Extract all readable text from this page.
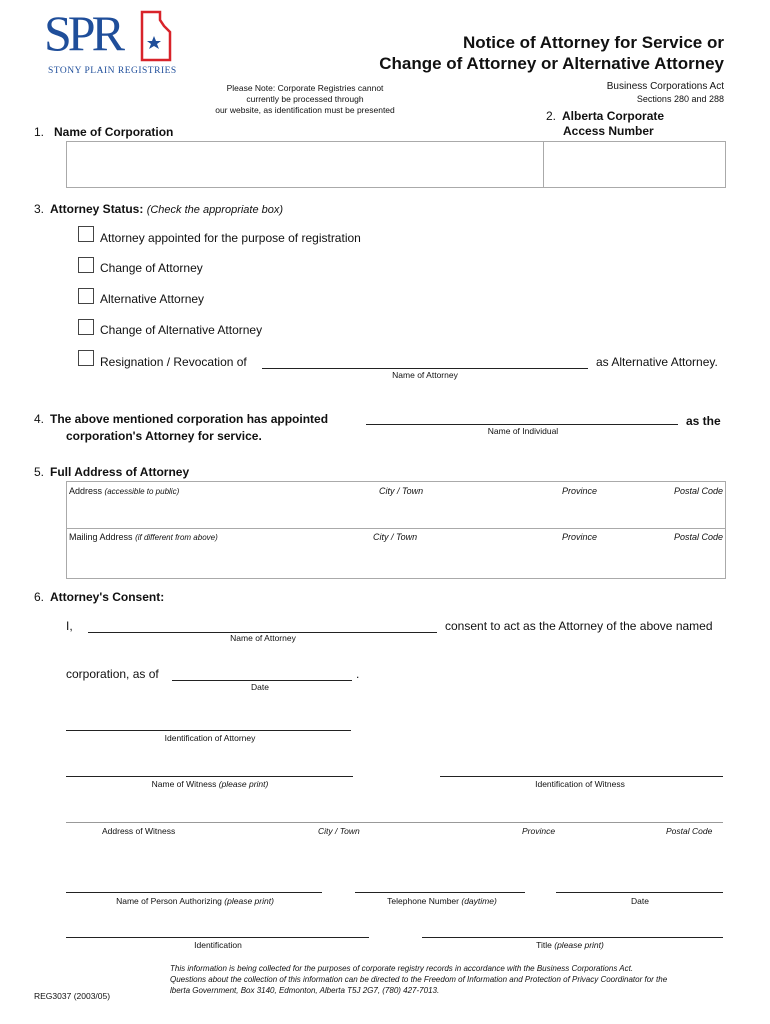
SPR
STONY PLAIN REGISTRIES
Please Note: Corporate Registries cannot
currently be processed through
our website, as identification must be presented
Notice of Attorney for Service or
Change of Attorney or Alternative Attorney
Business Corporations Act
Sections 280 and 288
1. Name of Corporation
2. Alberta Corporate
Access Number
3. Attorney Status: (Check the appropriate box)
Attorney appointed for the purpose of registration
Change of Attorney
Alternative Attorney
Change of Alternative Attorney
Resignation / Revocation of	as Alternative Attorney.
Name of Attorney
4. The above mentioned corporation has appointed
corporation's Attorney for service.
as the
Name of Individual
5. Full Address of Attorney
Address (accessible to public)	City / Town	Province	Postal Code
Mailing Address (if different from above)	City / Town	Province	Postal Code
6. Attorney's Consent:
I,	consent to act as the Attorney of the above named
Name of Attorney
corporation, as of	.
Date
Identification of Attorney
Name of Witness (please print)	Identification of Witness
Address of Witness	City / Town	Province	Postal Code
Name of Person Authorizing (please print)	Telephone Number (daytime)	Date
Identification	Title (please print)
REG3037 (2003/05)
This information is being collected for the purposes of corporate registry records in accordance with the Business Corporations Act.
Questions about the collection of this information can be directed to the Freedom of Information and Protection of Privacy Coordinator for the
lberta Government, Box 3140, Edmonton, Alberta T5J 2G7, (780) 427-7013.
